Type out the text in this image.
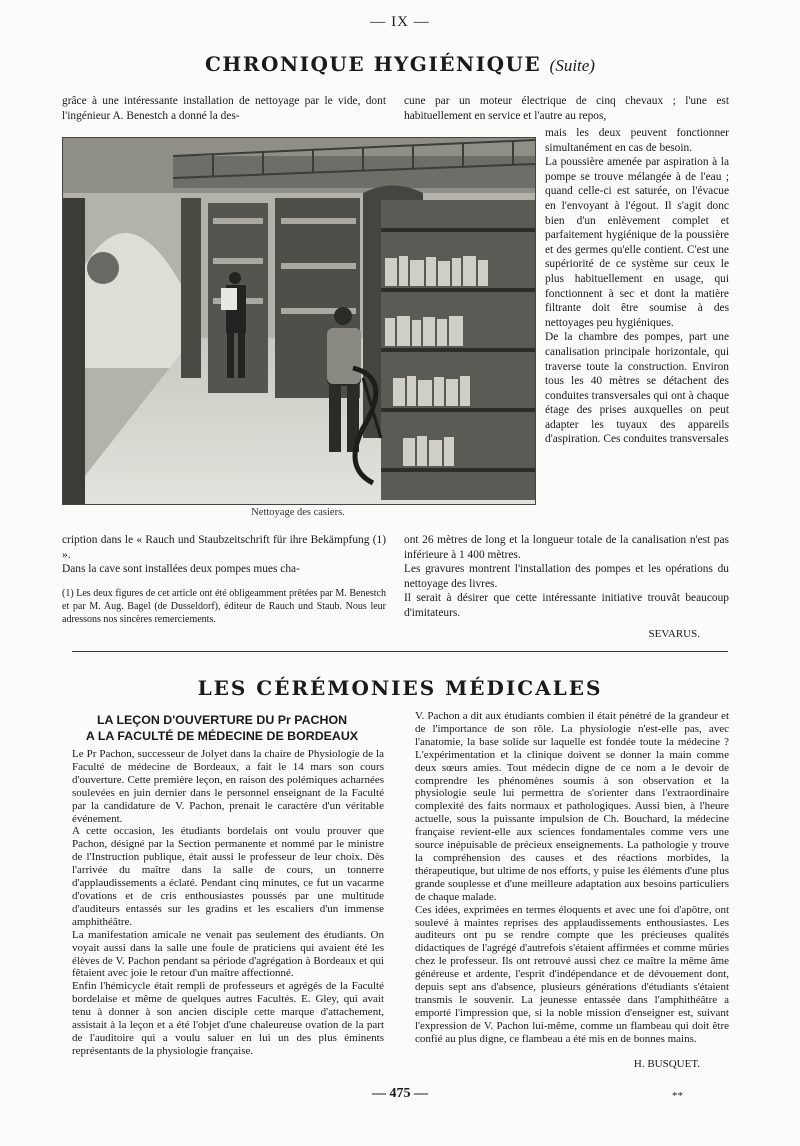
— IX —
CHRONIQUE HYGIÉNIQUE (Suite)

grâce à une intéressante installation de nettoyage par le vide, dont l'ingénieur A. Benestch a donné la des-

cune par un moteur électrique de cinq chevaux ; l'une est habituellement en service et l'autre au repos,

Nettoyage des casiers.

mais les deux peuvent fonctionner simultanément en cas de besoin.
La poussière amenée par aspiration à la pompe se trouve mélangée à de l'eau ; quand celle-ci est saturée, on l'évacue en l'envoyant à l'égout. Il s'agit donc bien d'un enlèvement complet et parfaitement hygiénique de la poussière et des germes qu'elle contient. C'est une supériorité de ce système sur ceux le plus habituellement en usage, qui fonctionnent à sec et dont la matière filtrante doit être soumise à des nettoyages peu hygiéniques.
De la chambre des pompes, part une canalisation principale horizontale, qui traverse toute la construction. Environ tous les 40 mètres se détachent des conduites transversales qui ont à chaque étage des prises auxquelles on peut adapter les tuyaux des appareils d'aspiration. Ces conduites transversales

cription dans le « Rauch und Staubzeitschrift für ihre Bekämpfung (1) ».
Dans la cave sont installées deux pompes mues cha-

(1) Les deux figures de cet article ont été obligeamment prêtées par M. Benestch et par M. Aug. Bagel (de Dusseldorf), éditeur de Rauch und Staub. Nous leur adressons nos sincères remerciements.

ont 26 mètres de long et la longueur totale de la canalisation n'est pas inférieure à 1 400 mètres.
Les gravures montrent l'installation des pompes et les opérations du nettoyage des livres.
Il serait à désirer que cette intéressante initiative trouvât beaucoup d'imitateurs.

SEVARUS.
LES CÉRÉMONIES MÉDICALES
LA LEÇON D'OUVERTURE DU Pr PACHON
A LA FACULTÉ DE MÉDECINE DE BORDEAUX

Le Pr Pachon, successeur de Jolyet dans la chaire de Physiologie de la Faculté de médecine de Bordeaux, a fait le 14 mars son cours d'ouverture. Cette première leçon, en raison des polémiques acharnées soulevées en juin dernier dans le personnel enseignant de la Faculté par la candidature de V. Pachon, prenait le caractère d'un véritable événement.
A cette occasion, les étudiants bordelais ont voulu prouver que Pachon, désigné par la Section permanente et nommé par le ministre de l'Instruction publique, était aussi le professeur de leur choix. Dès l'arrivée du maître dans la salle de cours, un tonnerre d'applaudissements a éclaté. Pendant cinq minutes, ce fut un vacarme d'ovations et de cris enthousiastes poussés par une multitude d'auditeurs entassés sur les gradins et les escaliers d'un immense amphithéâtre.
La manifestation amicale ne venait pas seulement des étudiants. On voyait aussi dans la salle une foule de praticiens qui avaient été les élèves de V. Pachon pendant sa période d'agrégation à Bordeaux et qui fêtaient avec joie le retour d'un maître affectionné.
Enfin l'hémicycle était rempli de professeurs et agrégés de la Faculté bordelaise et même de quelques autres Facultés. E. Gley, qui avait tenu à donner à son ancien disciple cette marque d'attachement, assistait à la leçon et a été l'objet d'une chaleureuse ovation de la part de l'auditoire qui a voulu saluer en lui un des plus éminents représentants de la physiologie française.

V. Pachon a dit aux étudiants combien il était pénétré de la grandeur et de l'importance de son rôle. La physiologie n'est-elle pas, avec l'anatomie, la base solide sur laquelle est fondée toute la médecine ? L'expérimentation et la clinique doivent se donner la main comme deux sœurs amies. Tout médecin digne de ce nom a le devoir de comprendre les phénomènes soumis à son observation et la physiologie seule lui permettra de s'orienter dans l'extraordinaire complexité des faits normaux et pathologiques. Aussi bien, à l'heure actuelle, sous la puissante impulsion de Ch. Bouchard, la médecine française revient-elle aux sciences fondamentales comme vers une source inépuisable de précieux enseignements. La pathologie y trouve la compréhension des causes et des réactions morbides, la thérapeutique, but ultime de nos efforts, y puise les éléments d'une plus grande souplesse et d'une meilleure adaptation aux besoins particuliers de chaque malade.
Ces idées, exprimées en termes éloquents et avec une foi d'apôtre, ont soulevé à maintes reprises des applaudissements enthousiastes. Les auditeurs ont pu se rendre compte que les précieuses qualités didactiques de l'agrégé d'autrefois s'étaient affirmées et comme mûries chez le professeur. Ils ont retrouvé aussi chez ce maître la même âme généreuse et ardente, l'esprit d'indépendance et de dévouement dont, depuis sept ans d'absence, plusieurs générations d'étudiants s'étaient transmis le souvenir. La jeunesse entassée dans l'amphithéâtre a emporté l'impression que, si la noble mission d'enseigner est, suivant l'expression de V. Pachon lui-même, comme un flambeau qui doit être confié au plus digne, ce flambeau a été mis en de bonnes mains.

H. BUSQUET.
— 475 —	**
